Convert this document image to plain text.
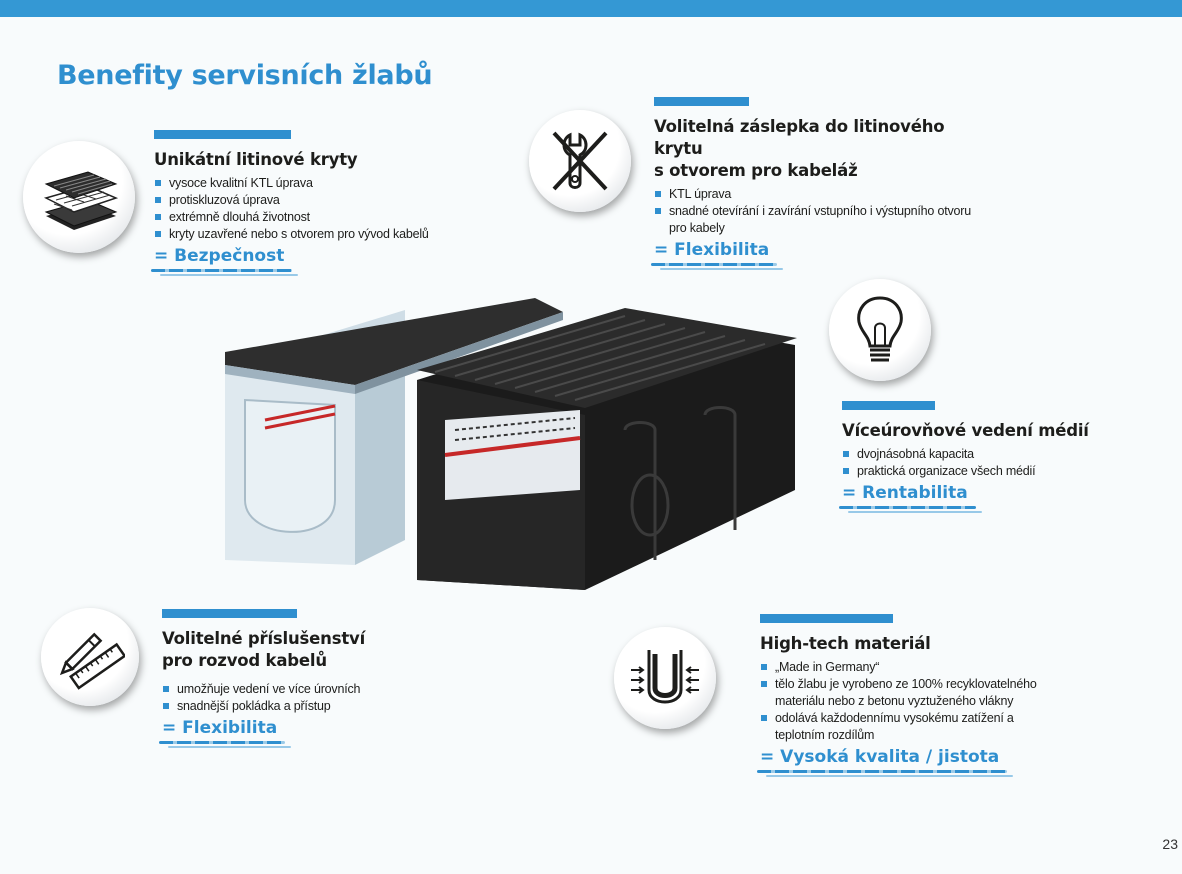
Benefity servisních žlabů
Unikátní litinové kryty
vysoce kvalitní KTL úprava
protiskluzová úprava
extrémně dlouhá životnost
kryty uzavřené nebo s otvorem pro vývod kabelů
= Bezpečnost
Volitelná záslepka do litinového krytu
s otvorem pro kabeláž
KTL úprava
snadné otevírání i zavírání vstupního i výstupního otvoru pro kabely
= Flexibilita
Víceúrovňové vedení médií
dvojnásobná kapacita
praktická organizace všech médií
= Rentabilita
Volitelné příslušenství
pro rozvod kabelů
umožňuje vedení ve více úrovních
snadnější pokládka a přístup
= Flexibilita
High-tech materiál
„Made in Germany“
tělo žlabu je vyrobeno ze 100% recyklovatelného materiálu nebo z betonu vyztuženého vlákny
odolává každodennímu vysokému zatížení a teplotním rozdílům
= Vysoká kvalita / jistota
23
